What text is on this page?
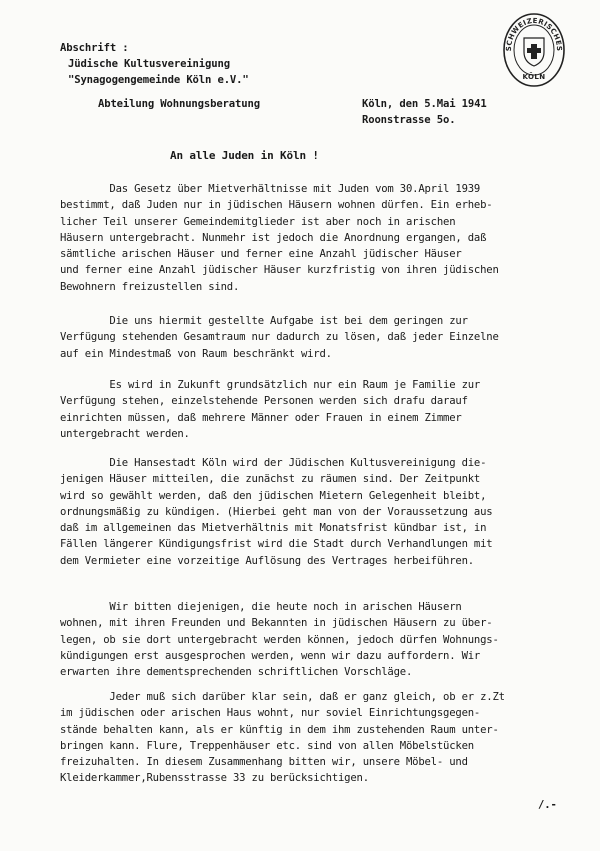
Abschrift :
Jüdische Kultusvereinigung
"Synagogengemeinde Köln e.V."
Abteilung Wohnungsberatung	Köln, den 5.Mai 1941
Roonstrasse 5o.
SCHWEIZERISCHES
KÖLN
An alle Juden in Köln !
Das Gesetz über Mietverhältnisse mit Juden vom 30.April 1939
bestimmt, daß Juden nur in jüdischen Häusern wohnen dürfen. Ein erheb-
licher Teil unserer Gemeindemitglieder ist aber noch in arischen
Häusern untergebracht. Nunmehr ist jedoch die Anordnung ergangen, daß
sämtliche arischen Häuser und ferner eine Anzahl jüdischer Häuser
und ferner eine Anzahl jüdischer Häuser kurzfristig von ihren jüdischen
Bewohnern freizustellen sind.
Die uns hiermit gestellte Aufgabe ist bei dem geringen zur
Verfügung stehenden Gesamtraum nur dadurch zu lösen, daß jeder Einzelne
auf ein Mindestmaß von Raum beschränkt wird.
Es wird in Zukunft grundsätzlich nur ein Raum je Familie zur
Verfügung stehen, einzelstehende Personen werden sich drafu darauf
einrichten müssen, daß mehrere Männer oder Frauen in einem Zimmer
untergebracht werden.
Die Hansestadt Köln wird der Jüdischen Kultusvereinigung die-
jenigen Häuser mitteilen, die zunächst zu räumen sind. Der Zeitpunkt
wird so gewählt werden, daß den jüdischen Mietern Gelegenheit bleibt,
ordnungsmäßig zu kündigen. (Hierbei geht man von der Voraussetzung aus
daß im allgemeinen das Mietverhältnis mit Monatsfrist kündbar ist, in
Fällen längerer Kündigungsfrist wird die Stadt durch Verhandlungen mit
dem Vermieter eine vorzeitige Auflösung des Vertrages herbeiführen.
Wir bitten diejenigen, die heute noch in arischen Häusern
wohnen, mit ihren Freunden und Bekannten in jüdischen Häusern zu über-
legen, ob sie dort untergebracht werden können, jedoch dürfen Wohnungs-
kündigungen erst ausgesprochen werden, wenn wir dazu auffordern. Wir
erwarten ihre dementsprechenden schriftlichen Vorschläge.
Jeder muß sich darüber klar sein, daß er ganz gleich, ob er z.Zt
im jüdischen oder arischen Haus wohnt, nur soviel Einrichtungsgegen-
stände behalten kann, als er künftig in dem ihm zustehenden Raum unter-
bringen kann. Flure, Treppenhäuser etc. sind von allen Möbelstücken
freizuhalten. In diesem Zusammenhang bitten wir, unsere Möbel- und
Kleiderkammer,Rubensstrasse 33 zu berücksichtigen.
/.-
